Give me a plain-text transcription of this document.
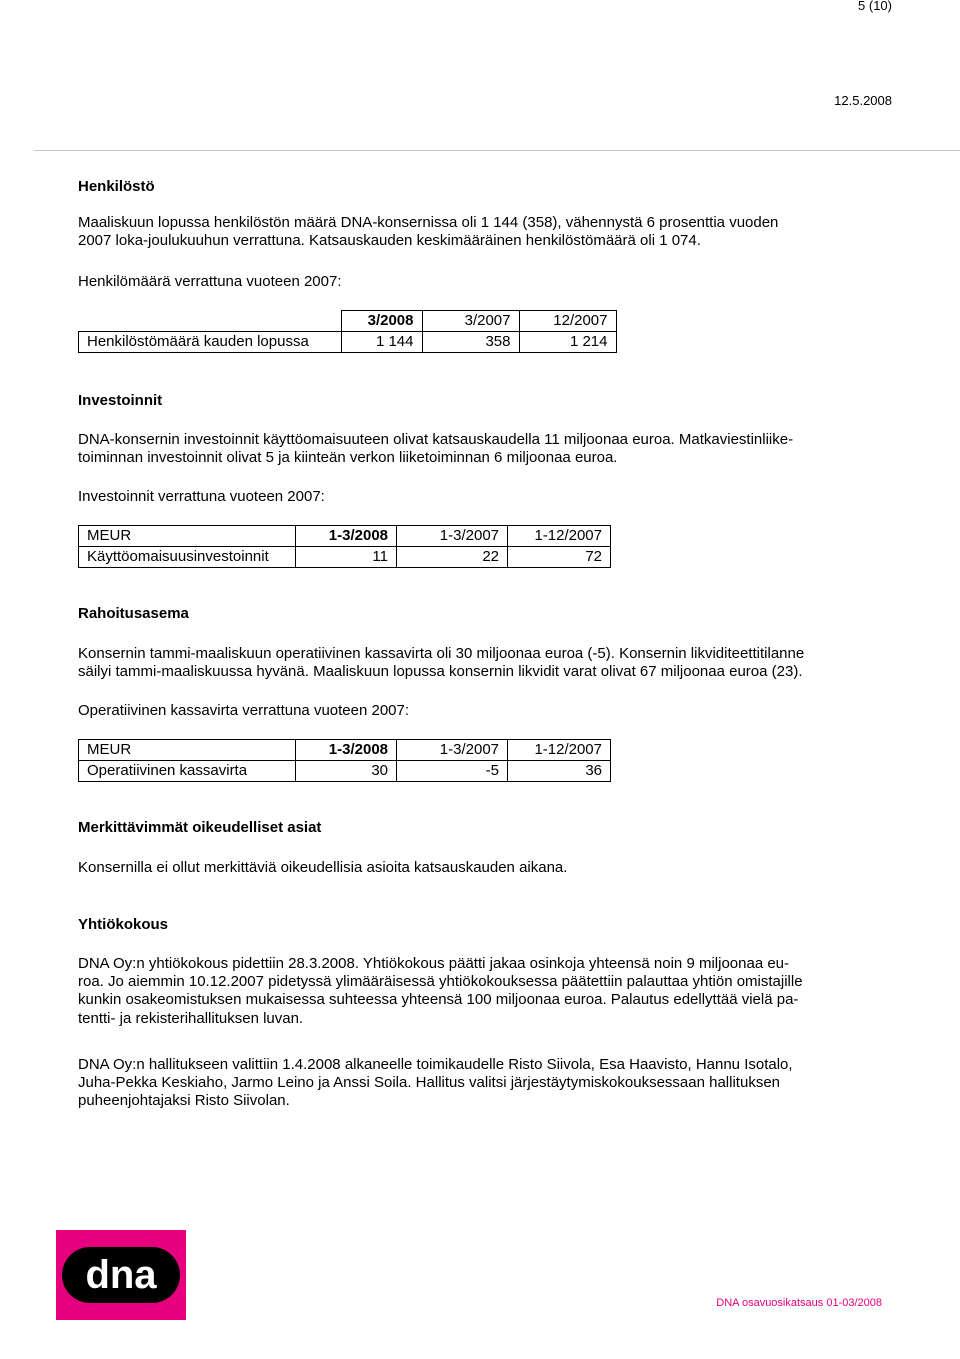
5 (10)
12.5.2008
Henkilöstö

Maaliskuun lopussa henkilöstön määrä DNA-konsernissa oli 1 144 (358), vähennystä 6 prosenttia vuoden

2007 loka-joulukuuhun verrattuna. Katsauskauden keskimääräinen henkilöstömäärä oli 1 074.

Henkilömäärä verrattuna vuoteen 2007:
	3/2008	3/2007	12/2007
Henkilöstömäärä kauden lopussa	1 144	358	1 214
Investoinnit

DNA-konsernin investoinnit käyttöomaisuuteen olivat katsauskaudella 11 miljoonaa euroa. Matkaviestinliike-

toiminnan investoinnit olivat 5 ja kiinteän verkon liiketoiminnan 6 miljoonaa euroa.

Investoinnit verrattuna vuoteen 2007:
MEUR	1-3/2008	1-3/2007	1-12/2007
Käyttöomaisuusinvestoinnit	11	22	72
Rahoitusasema

Konsernin tammi-maaliskuun operatiivinen kassavirta oli 30 miljoonaa euroa (-5). Konsernin likviditeettitilanne

säilyi tammi-maaliskuussa hyvänä. Maaliskuun lopussa konsernin likvidit varat olivat 67 miljoonaa euroa (23).

Operatiivinen kassavirta verrattuna vuoteen 2007:
MEUR	1-3/2008	1-3/2007	1-12/2007
Operatiivinen kassavirta	30	-5	36
Merkittävimmät oikeudelliset asiat
Konsernilla ei ollut merkittäviä oikeudellisia asioita katsauskauden aikana.
Yhtiökokous

DNA Oy:n yhtiökokous pidettiin 28.3.2008. Yhtiökokous päätti jakaa osinkoja yhteensä noin 9 miljoonaa eu-

roa. Jo aiemmin 10.12.2007 pidetyssä ylimääräisessä yhtiökokouksessa päätettiin palauttaa yhtiön omistajille

kunkin osakeomistuksen mukaisessa suhteessa yhteensä 100 miljoonaa euroa. Palautus edellyttää vielä pa-

tentti- ja rekisterihallituksen luvan.

DNA Oy:n hallitukseen valittiin 1.4.2008 alkaneelle toimikaudelle Risto Siivola, Esa Haavisto, Hannu Isotalo,

Juha-Pekka Keskiaho, Jarmo Leino ja Anssi Soila. Hallitus valitsi järjestäytymiskokouksessaan hallituksen

puheenjohtajaksi Risto Siivolan.

dna
DNA osavuosikatsaus 01-03/2008
